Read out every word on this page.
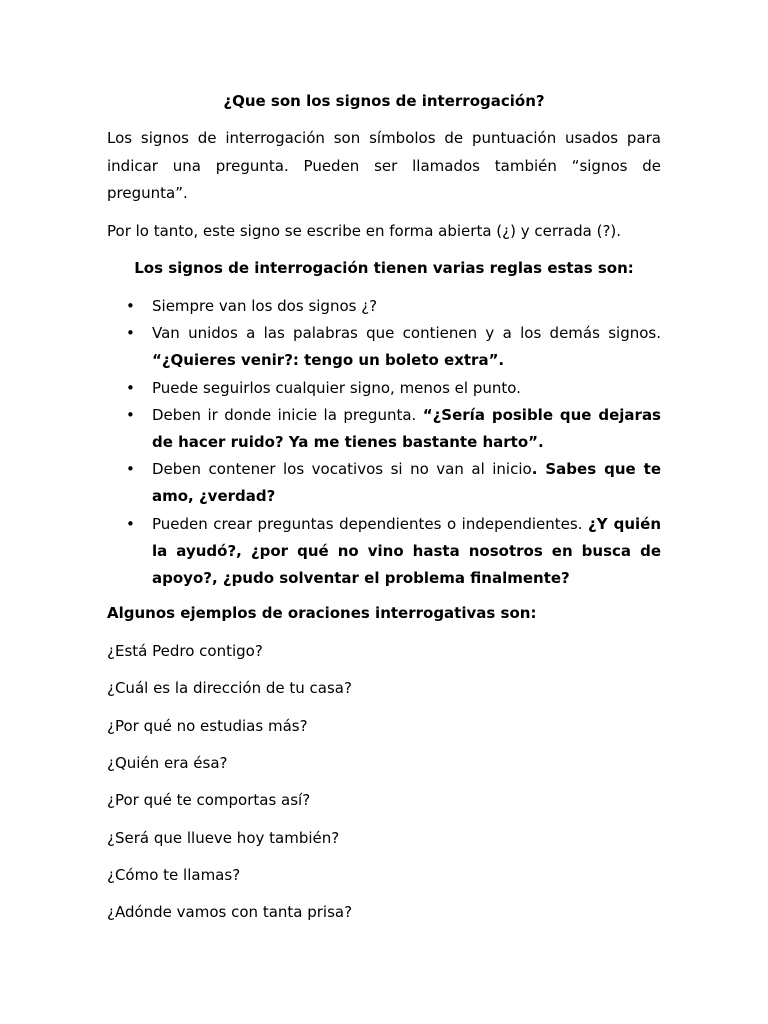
¿Que son los signos de interrogación?

Los signos de interrogación son símbolos de puntuación usados para indicar una pregunta. Pueden ser llamados también “signos de pregunta”.

Por lo tanto, este signo se escribe en forma abierta (¿) y cerrada (?).

Los signos de interrogación tienen varias reglas estas son:
• Siempre van los dos signos ¿?
• Van unidos a las palabras que contienen y a los demás signos. “¿Quieres venir?: tengo un boleto extra”.
• Puede seguirlos cualquier signo, menos el punto.
• Deben ir donde inicie la pregunta. “¿Sería posible que dejaras de hacer ruido? Ya me tienes bastante harto”.
• Deben contener los vocativos si no van al inicio. Sabes que te amo, ¿verdad?
• Pueden crear preguntas dependientes o independientes. ¿Y quién la ayudó?, ¿por qué no vino hasta nosotros en busca de apoyo?, ¿pudo solventar el problema finalmente?
Algunos ejemplos de oraciones interrogativas son:
¿Está Pedro contigo?
¿Cuál es la dirección de tu casa?
¿Por qué no estudias más?
¿Quién era ésa?
¿Por qué te comportas así?
¿Será que llueve hoy también?
¿Cómo te llamas?
¿Adónde vamos con tanta prisa?
